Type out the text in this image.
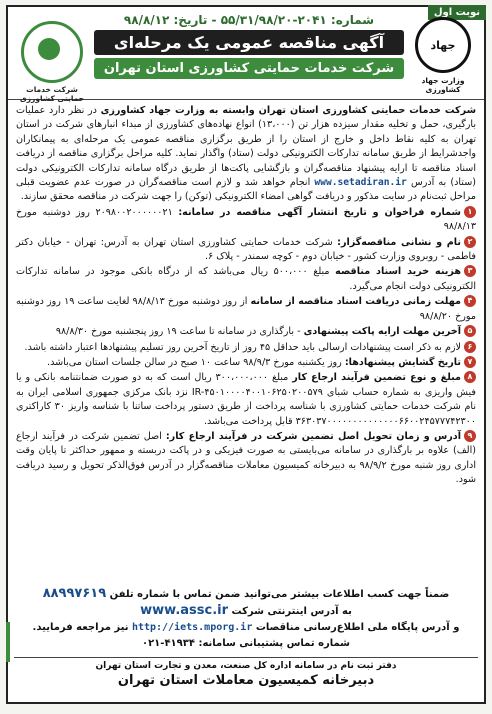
نوبت اول
شرکت خدمات حمایتی کشاورزی
شماره: ۲۰۴۱-۵۵/۳۱/۹۸/۲۰ - تاریخ: ۹۸/۸/۱۲
آگهی مناقصه عمومی یک مرحله‌ای
شرکت خدمات حمایتی کشاورزی استان تهران
جهاد
وزارت جهاد کشاورزی
شرکت خدمات حمایتی کشاورزی استان تهران وابسته به وزارت جهاد کشاورزی در نظر دارد عملیات بارگیری، حمل و تخلیه مقدار سیزده هزار تن (۱۳،۰۰۰) انواع نهاده‌های کشاورزی از مبداء انبارهای شرکت در استان تهران به کلیه نقاط داخل و خارج از استان را از طریق برگزاری مناقصه عمومی یک مرحله‌ای به پیمانکاران واجدشرایط از طریق سامانه تدارکات الکترونیکی دولت (ستاد) واگذار نماید. کلیه مراحل برگزاری مناقصه از دریافت اسناد مناقصه تا ارایه پیشنهاد مناقصه‌گران و بازگشایی پاکت‌ها از طریق درگاه سامانه تدارکات الکترونیکی دولت (ستاد) به آدرس www.setadiran.ir انجام خواهد شد و لازم است مناقصه‌گران در صورت عدم عضویت قبلی مراحل ثبت‌نام در سایت مذکور و دریافت گواهی امضاء الکترونیکی (توکن) را جهت شرکت در مناقصه محقق سازند.
۱شماره فراخوان و تاریخ انتشار آگهی مناقصه در سامانه: ۲۰۹۸۰۰۲۰۰۰۰۰۰۲۱ روز دوشنبه مورخ ۹۸/۸/۱۳
۲نام و نشانی مناقصه‌گزار: شرکت خدمات حمایتی کشاورزی استان تهران به آدرس: تهران - خیابان دکتر فاطمی - روبروی وزارت کشور - خیابان دوم - کوچه سمندر - پلاک ۶.
۳هزینه خرید اسناد مناقصه مبلغ ۵۰۰،۰۰۰ ریال می‌باشد که از درگاه بانکی موجود در سامانه تدارکات الکترونیکی دولت انجام می‌گیرد.
۴مهلت زمانی دریافت اسناد مناقصه از سامانه از روز دوشنبه مورخ ۹۸/۸/۱۳ لغایت ساعت ۱۹ روز دوشنبه مورخ ۹۸/۸/۲۰
۵آخرین مهلت ارایه پاکت پیشنهادی - بارگذاری در سامانه تا ساعت ۱۹ روز پنجشنبه مورخ ۹۸/۸/۳۰
۶لازم به ذکر است پیشنهادات ارسالی باید حداقل ۴۵ روز از تاریخ آخرین روز تسلیم پیشنهادها اعتبار داشته باشد.
۷تاریخ گشایش پیشنهادها: روز یکشنبه مورخ ۹۸/۹/۳ ساعت ۱۰ صبح در سالن جلسات استان می‌باشد.
۸مبلغ و نوع تضمین فرآیند ارجاع کار مبلغ ۳۰۰،۰۰۰،۰۰۰ ریال است که به دو صورت ضمانتنامه بانکی و یا فیش واریزی به شماره حساب شبای IR-۴۵۰۱۰۰۰۰۴۰۰۱۰۶۲۵۰۲۰۰۵۷۹ نزد بانک مرکزی جمهوری اسلامی ایران به نام شرکت خدمات حمایتی کشاورزی با شناسه پرداخت از طریق دستور پرداخت ساتنا با شناسه واریز ۳۰ کاراکتری ۳۶۳۰۳۷۰۰۰۰۰۰۰۰۰۰۰۰۰۰۶۶۰۰۲۴۵۷۷۷۴۲۳۰۰ قابل پرداخت می‌باشد.
۹آدرس و زمان تحویل اصل تضمین شرکت در فرآیند ارجاع کار: اصل تضمین شرکت در فرآیند ارجاع (الف) علاوه بر بارگذاری در سامانه می‌بایستی به صورت فیزیکی و در پاکت دربسته و ممهور حداکثر تا پایان وقت اداری روز شنبه مورخ ۹۸/۹/۲ به دبیرخانه کمیسیون معاملات مناقصه‌گزار در آدرس فوق‌الذکر تحویل و رسید دریافت شود.
ضمناً جهت کسب اطلاعات بیشتر می‌توانید ضمن تماس با شماره تلفن ۸۸۹۹۷۶۱۹
به آدرس اینترنتی شرکت www.assc.ir
و آدرس پایگاه ملی اطلاع‌رسانی مناقصات http://iets.mporg.ir نیز مراجعه فرمایید.
شماره تماس پشتیبانی سامانه: ۴۱۹۳۴-۰۲۱
دفتر ثبت نام در سامانه اداره کل صنعت، معدن و تجارت استان تهران
دبیرخانه کمیسیون معاملات استان تهران
